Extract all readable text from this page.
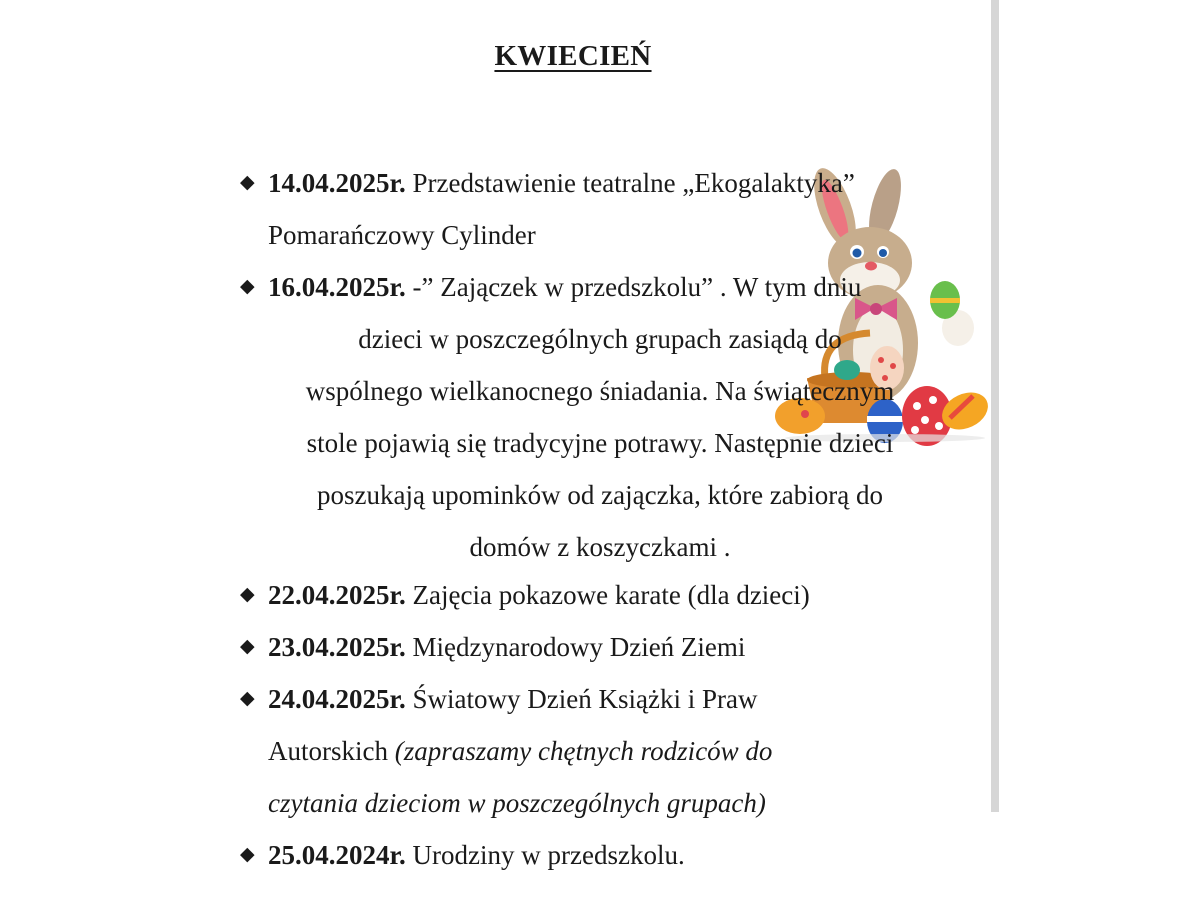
KWIECIEŃ
◆ 14.04.2025r. Przedstawienie teatralne „Ekogalaktyka”
Pomarańczowy Cylinder
◆ 16.04.2025r. -” Zajączek w przedszkolu” . W tym dniu
dzieci w poszczególnych grupach zasiądą do
wspólnego wielkanocnego śniadania. Na świątecznym
stole pojawią się tradycyjne potrawy. Następnie dzieci
poszukają upominków od zajączka, które zabiorą do
domów z koszyczkami .
◆ 22.04.2025r. Zajęcia pokazowe karate (dla dzieci)
◆ 23.04.2025r. Międzynarodowy Dzień Ziemi
◆ 24.04.2025r. Światowy Dzień Książki i Praw
Autorskich (zapraszamy chętnych rodziców do
czytania dzieciom w poszczególnych grupach)
◆ 25.04.2024r. Urodziny w przedszkolu.
